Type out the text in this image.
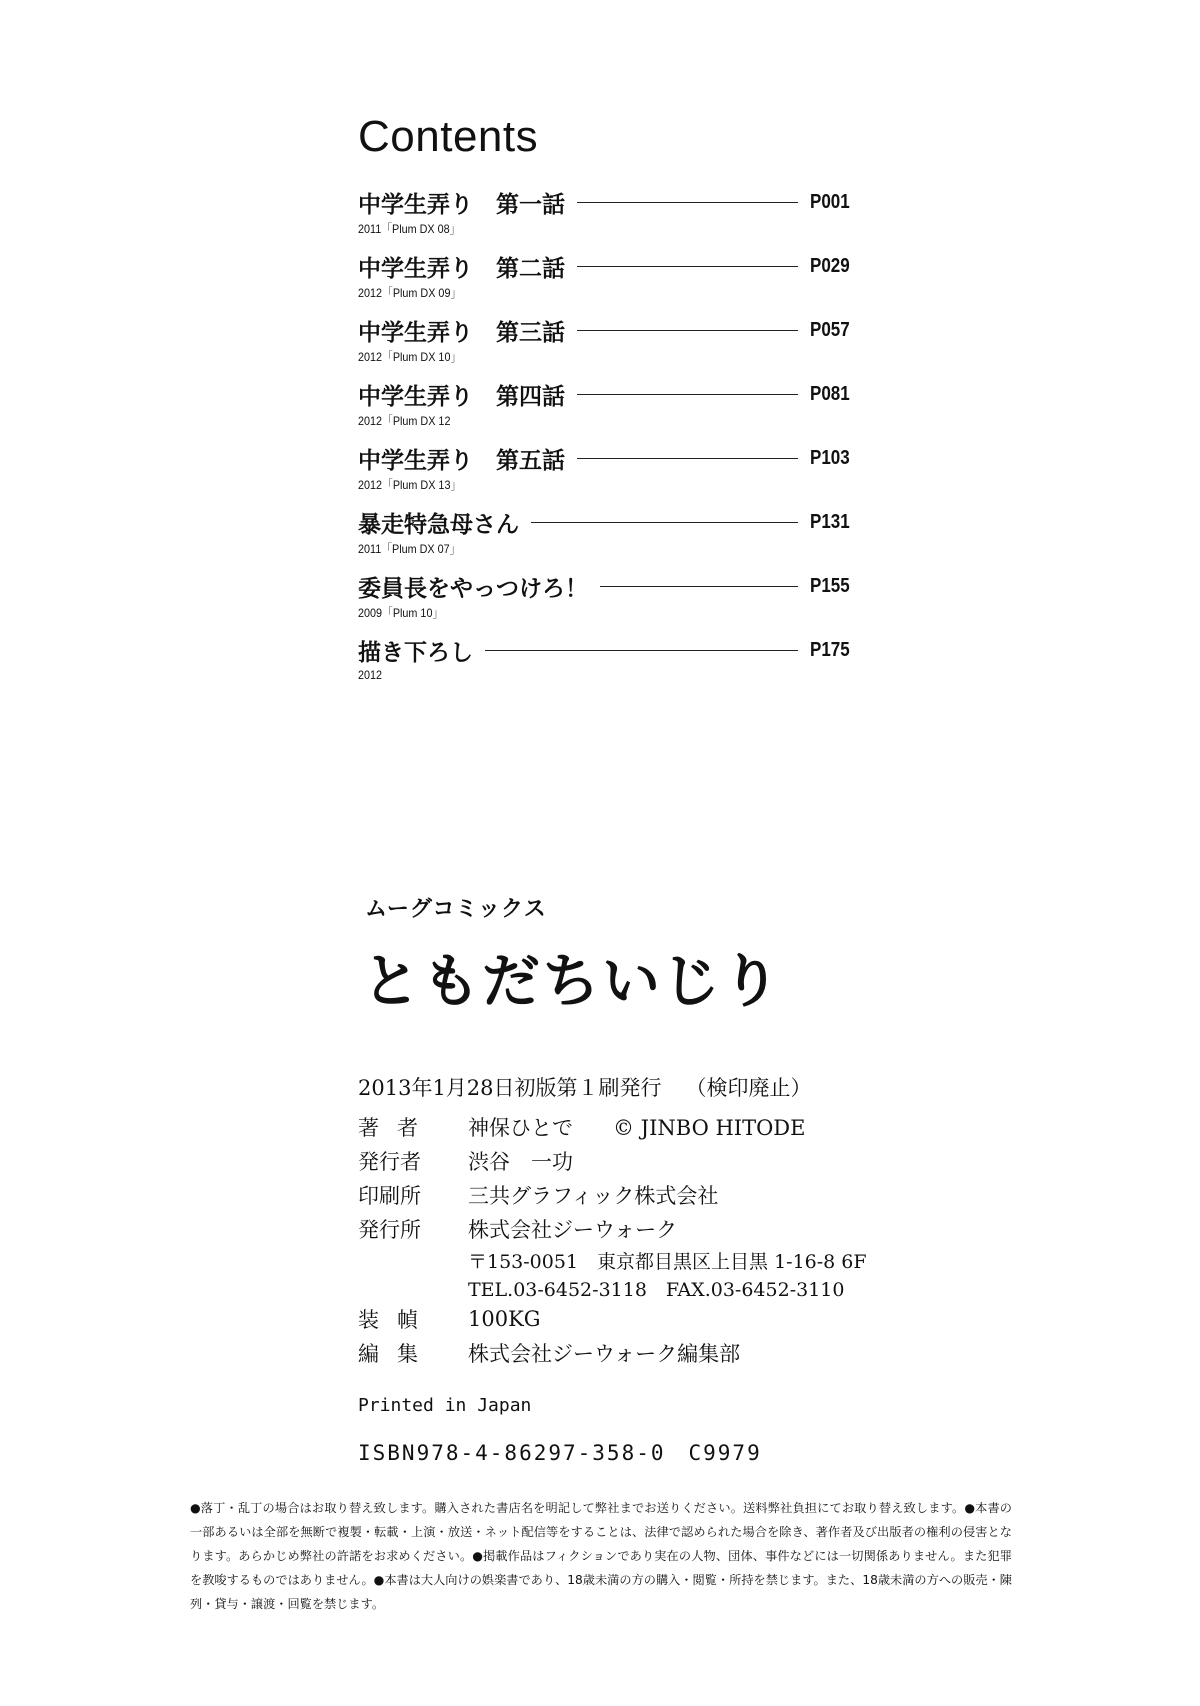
Contents
中学生弄り　第一話	P001
2011「Plum DX 08」
中学生弄り　第二話	P029
2012「Plum DX 09」
中学生弄り　第三話	P057
2012「Plum DX 10」
中学生弄り　第四話	P081
2012「Plum DX 12
中学生弄り　第五話	P103
2012「Plum DX 13」
暴走特急母さん	P131
2011「Plum DX 07」
委員長をやっつけろ！	P155
2009「Plum 10」
描き下ろし	P175
2012
ムーグコミックス
ともだちいじり
2013年1月28日初版第１刷発行 （検印廃止）
著者	神保ひとで © JINBO HITODE
発行者	渋谷　一功
印刷所	三共グラフィック株式会社
発行所	株式会社ジーウォーク
〒153-0051　東京都目黒区上目黒 1-16-8 6F
TEL.03-6452-3118　FAX.03-6452-3110
装幀	100KG
編集	株式会社ジーウォーク編集部
Printed in Japan
ISBN978-4-86297-358-0　C9979
●落丁・乱丁の場合はお取り替え致します。購入された書店名を明記して弊社までお送りください。送料弊社負担にてお取り替え致します。●本書の一部あるいは全部を無断で複製・転載・上演・放送・ネット配信等をすることは、法律で認められた場合を除き、著作者及び出版者の権利の侵害となります。あらかじめ弊社の許諾をお求めください。●掲載作品はフィクションであり実在の人物、団体、事件などには一切関係ありません。また犯罪を教唆するものではありません。●本書は大人向けの娯楽書であり、18歳未満の方の購入・閲覧・所持を禁じます。また、18歳未満の方への販売・陳列・貸与・譲渡・回覧を禁じます。
